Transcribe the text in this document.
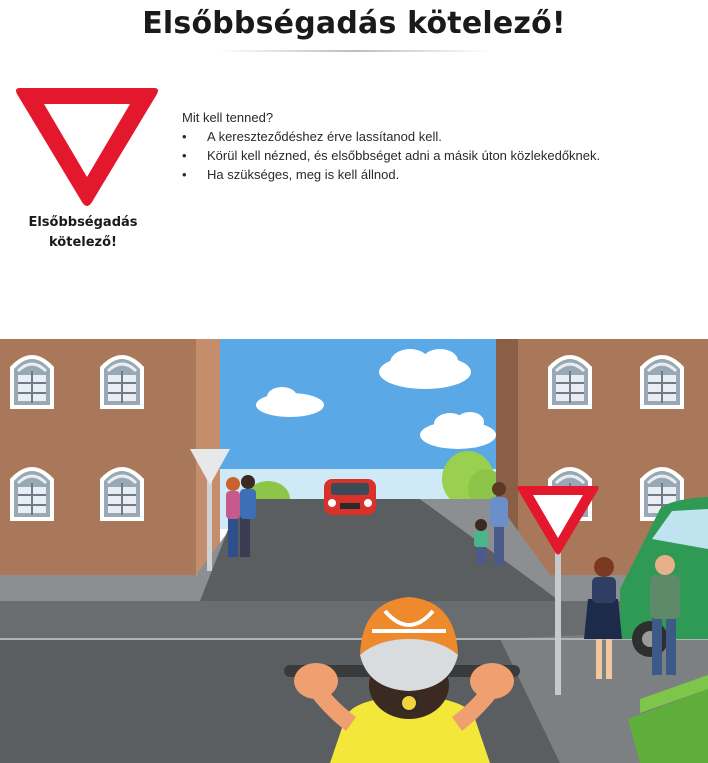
Elsőbbségadás kötelező!
Elsőbbségadás
kötelező!
Mit kell tenned?
• A kereszteződéshez érve lassítanod kell.
• Körül kell nézned, és elsőbbséget adni a másik úton közlekedőknek.
• Ha szükséges, meg is kell állnod.
